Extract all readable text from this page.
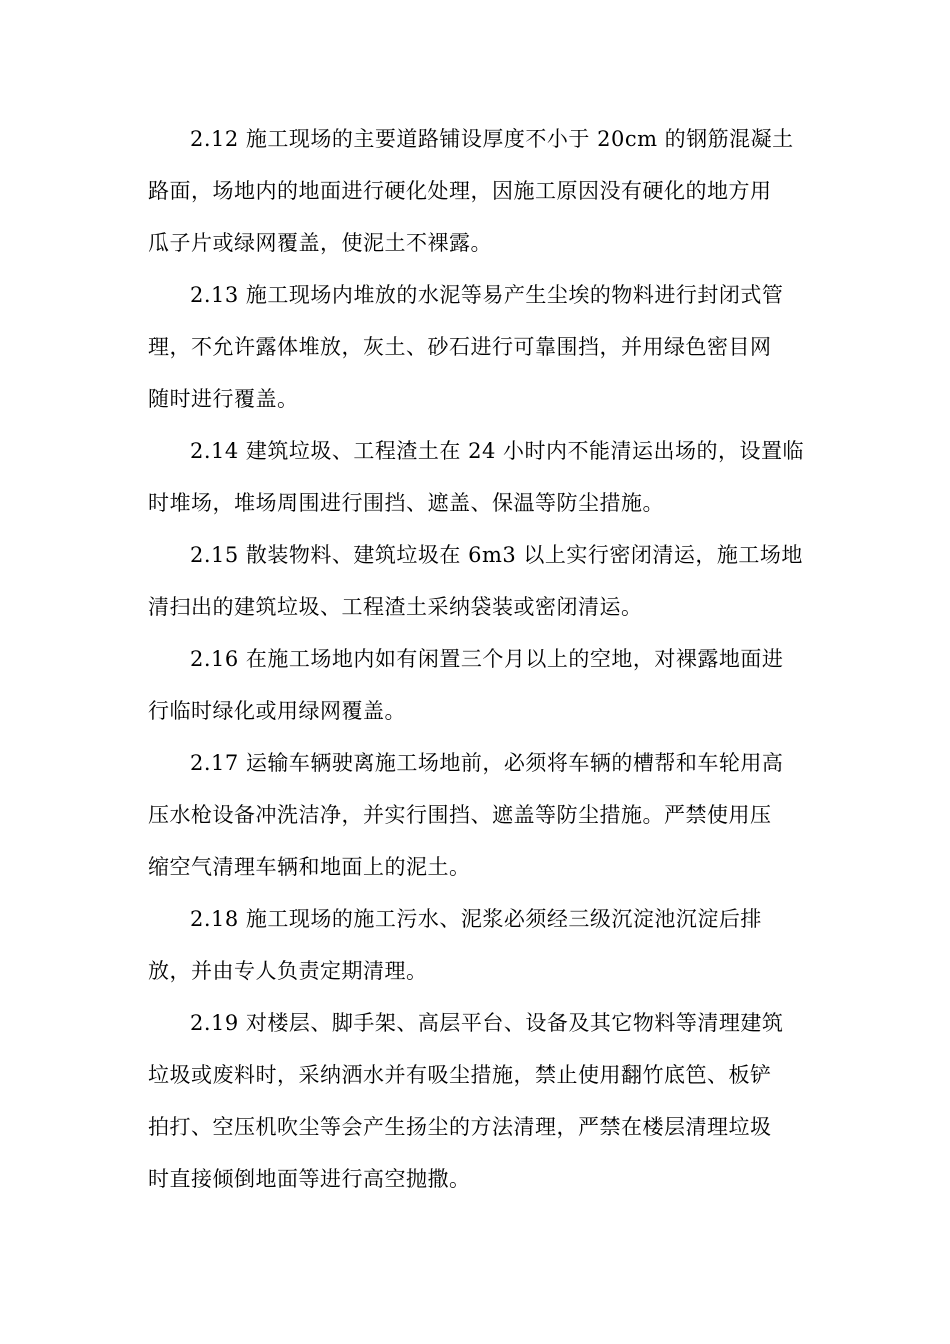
2.12 施工现场的主要道路铺设厚度不小于 20cm 的钢筋混凝土
路面，场地内的地面进行硬化处理，因施工原因没有硬化的地方用
瓜子片或绿网覆盖，使泥土不裸露。

2.13 施工现场内堆放的水泥等易产生尘埃的物料进行封闭式管
理，不允许露体堆放，灰土、砂石进行可靠围挡，并用绿色密目网
随时进行覆盖。

2.14 建筑垃圾、工程渣土在 24 小时内不能清运出场的，设置临
时堆场，堆场周围进行围挡、遮盖、保温等防尘措施。

2.15 散装物料、建筑垃圾在 6m3 以上实行密闭清运，施工场地
清扫出的建筑垃圾、工程渣土采纳袋装或密闭清运。

2.16 在施工场地内如有闲置三个月以上的空地，对裸露地面进
行临时绿化或用绿网覆盖。

2.17 运输车辆驶离施工场地前，必须将车辆的槽帮和车轮用高
压水枪设备冲洗洁净，并实行围挡、遮盖等防尘措施。严禁使用压
缩空气清理车辆和地面上的泥土。

2.18 施工现场的施工污水、泥浆必须经三级沉淀池沉淀后排
放，并由专人负责定期清理。

2.19 对楼层、脚手架、高层平台、设备及其它物料等清理建筑
垃圾或废料时，采纳洒水并有吸尘措施，禁止使用翻竹底笆、板铲
拍打、空压机吹尘等会产生扬尘的方法清理，严禁在楼层清理垃圾
时直接倾倒地面等进行高空抛撒。
